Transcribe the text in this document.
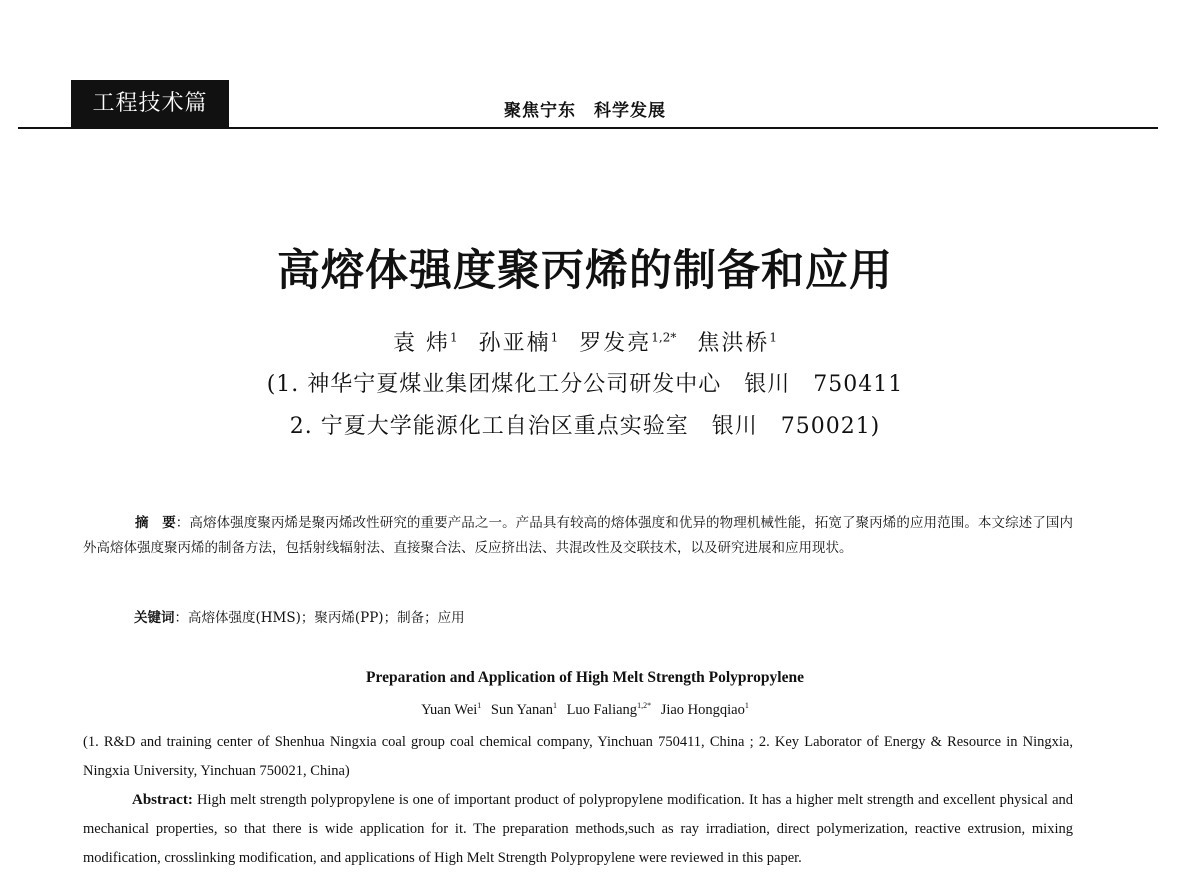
工程技术篇	聚焦宁东　科学发展
高熔体强度聚丙烯的制备和应用
袁 炜$^1$ 孙亚楠$^1$ 罗发亮$^{1,2*}$ 焦洪桥$^1$
(1. 神华宁夏煤业集团煤化工分公司研发中心　银川　750411
2. 宁夏大学能源化工自治区重点实验室　银川　750021)
摘　要：高熔体强度聚丙烯是聚丙烯改性研究的重要产品之一。产品具有较高的熔体强度和优异的物理机械性能，拓宽了聚丙烯的应用范围。本文综述了国内外高熔体强度聚丙烯的制备方法，包括射线辐射法、直接聚合法、反应挤出法、共混改性及交联技术，以及研究进展和应用现状。
关键词：高熔体强度(HMS)；聚丙烯(PP)；制备；应用
Preparation and Application of High Melt Strength Polypropylene
Yuan Wei$^1$ Sun Yanan$^1$ Luo Faliang$^{1,2*}$ Jiao Hongqiao$^1$
(1. R&D and training center of Shenhua Ningxia coal group coal chemical company, Yinchuan 750411, China ; 2. Key Laborator of Energy & Resource in Ningxia, Ningxia University, Yinchuan 750021, China)
Abstract: High melt strength polypropylene is one of important product of polypropylene modification. It has a higher melt strength and excellent physical and mechanical properties, so that there is wide application for it. The preparation methods,such as ray irradiation, direct polymerization, reactive extrusion, mixing modification, crosslinking modification, and applications of High Melt Strength Polypropylene were reviewed in this paper.
